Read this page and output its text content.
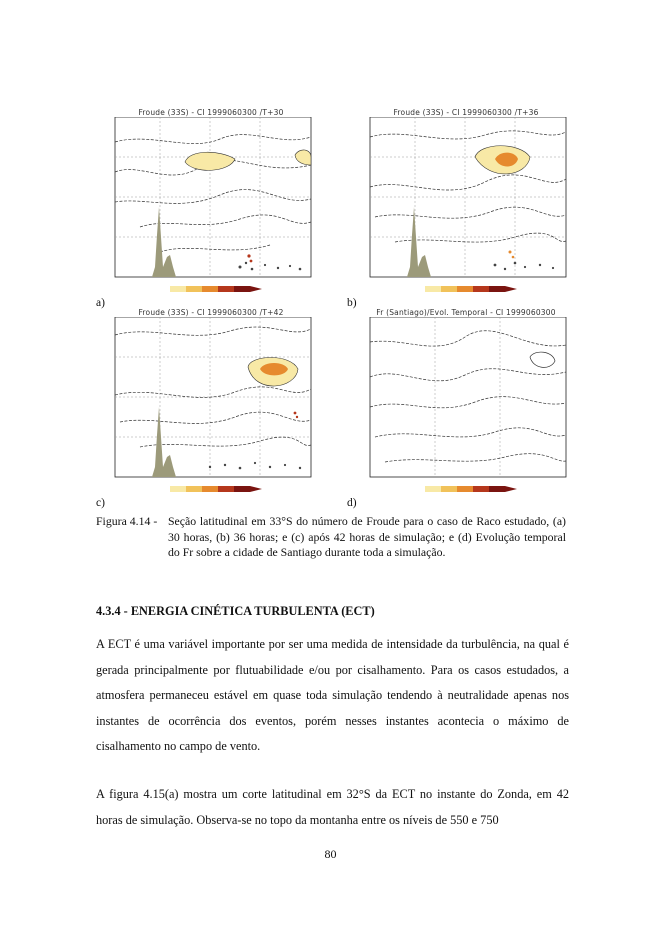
Froude (33S) - CI 1999060300 /T+30
a)
Froude (33S) - CI 1999060300 /T+36
b)
Froude (33S) - CI 1999060300 /T+42
c)
Fr (Santiago)/Evol. Temporal - CI 1999060300
d)
Figura 4.14 - Seção latitudinal em 33°S do número de Froude para o caso de Raco estudado, (a) 30 horas, (b) 36 horas; e (c) após 42 horas de simulação; e (d) Evolução temporal do Fr sobre a cidade de Santiago durante toda a simulação.
4.3.4 - ENERGIA CINÉTICA TURBULENTA (ECT)
A ECT é uma variável importante por ser uma medida de intensidade da turbulência, na qual é gerada principalmente por flutuabilidade e/ou por cisalhamento. Para os casos estudados, a atmosfera permaneceu estável em quase toda simulação tendendo à neutralidade apenas nos instantes de ocorrência dos eventos, porém nesses instantes acontecia o máximo de cisalhamento no campo de vento.
A figura 4.15(a) mostra um corte latitudinal em 32°S da ECT no instante do Zonda, em 42 horas de simulação. Observa-se no topo da montanha entre os níveis de 550 e 750
80
